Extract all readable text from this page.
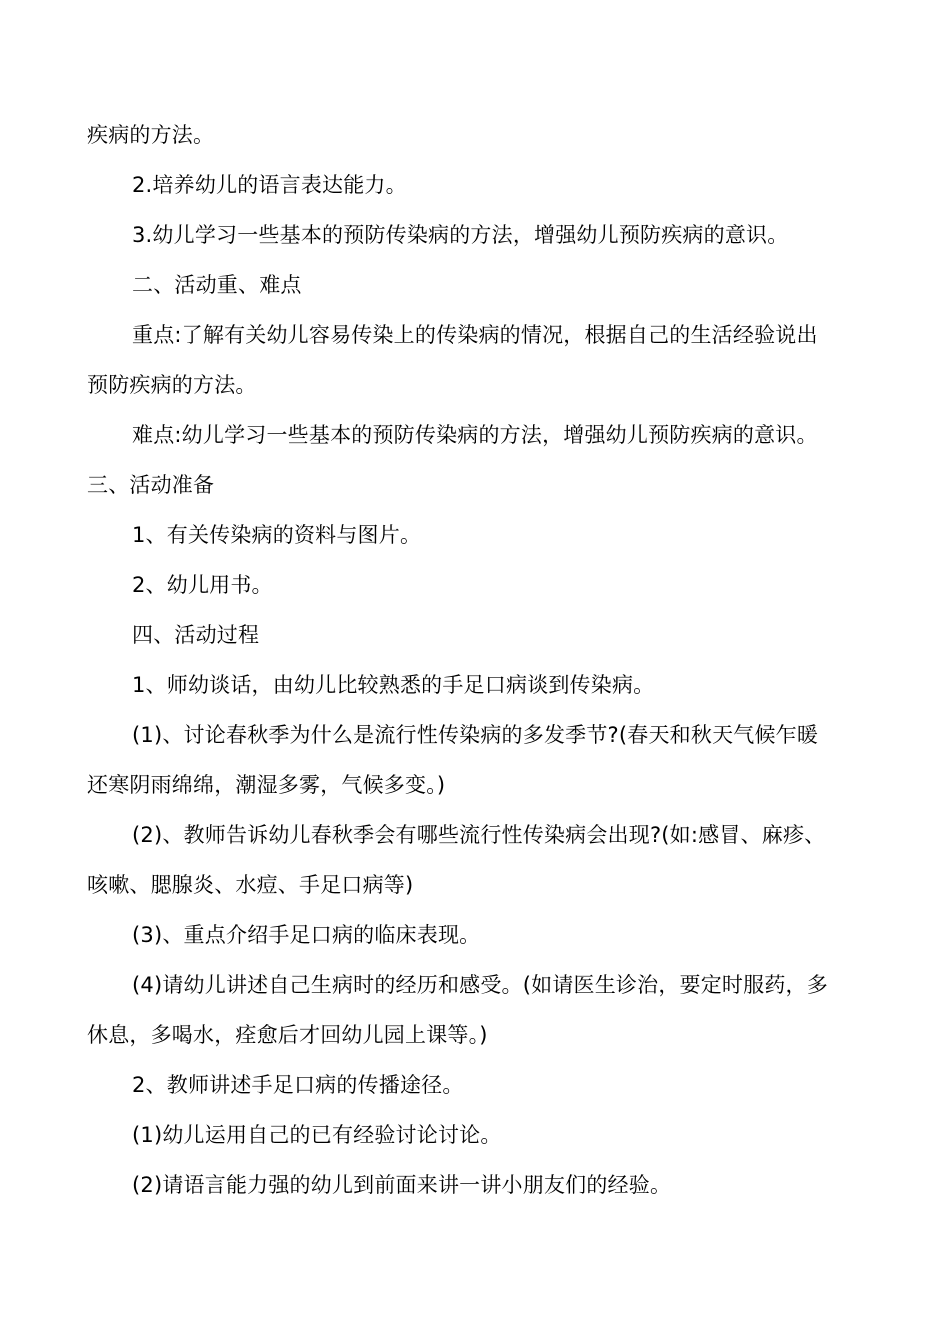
疾病的方法。
2.培养幼儿的语言表达能力。
3.幼儿学习一些基本的预防传染病的方法，增强幼儿预防疾病的意识。
二、活动重、难点
重点:了解有关幼儿容易传染上的传染病的情况，根据自己的生活经验说出
预防疾病的方法。
难点:幼儿学习一些基本的预防传染病的方法，增强幼儿预防疾病的意识。
三、活动准备
1、有关传染病的资料与图片。
2、幼儿用书。
四、活动过程
1、师幼谈话，由幼儿比较熟悉的手足口病谈到传染病。
(1)、讨论春秋季为什么是流行性传染病的多发季节?(春天和秋天气候乍暖
还寒阴雨绵绵，潮湿多雾，气候多变。)
(2)、教师告诉幼儿春秋季会有哪些流行性传染病会出现?(如:感冒、麻疹、
咳嗽、腮腺炎、水痘、手足口病等)
(3)、重点介绍手足口病的临床表现。
(4)请幼儿讲述自己生病时的经历和感受。(如请医生诊治，要定时服药，多
休息，多喝水，痊愈后才回幼儿园上课等。)
2、教师讲述手足口病的传播途径。
(1)幼儿运用自己的已有经验讨论讨论。
(2)请语言能力强的幼儿到前面来讲一讲小朋友们的经验。
